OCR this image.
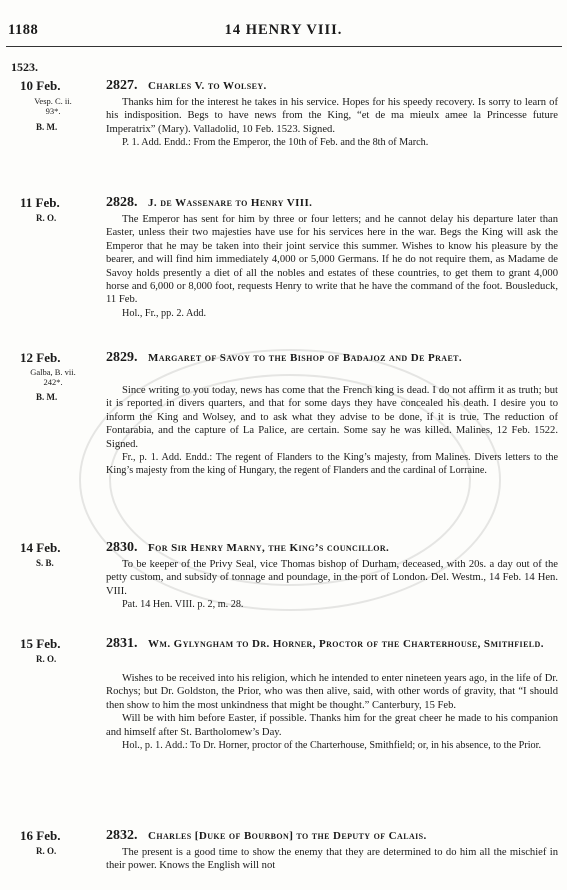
1188	14 HENRY VIII.
1523.
10 Feb.
Vesp. C. ii.
93*.
B. M.
2827. Charles V. to Wolsey.

Thanks him for the interest he takes in his service. Hopes for his speedy recovery. Is sorry to learn of his indisposition. Begs to have news from the King, “et de ma mieulx amee la Princesse future Imperatrix” (Mary). Valladolid, 10 Feb. 1523. Signed.

P. 1. Add. Endd.: From the Emperor, the 10th of Feb. and the 8th of March.

11 Feb.
R. O.
2828. J. de Wassenare to Henry VIII.

The Emperor has sent for him by three or four letters; and he cannot delay his departure later than Easter, unless their two majesties have use for his services here in the war. Begs the King will ask the Emperor that he may be taken into their joint service this summer. Wishes to know his pleasure by the bearer, and will find him immediately 4,000 or 5,000 Germans. If he do not require them, as Madame de Savoy holds presently a diet of all the nobles and estates of these countries, to get them to grant 4,000 horse and 6,000 or 8,000 foot, requests Henry to write that he have the command of the foot. Bousleduck, 11 Feb.

Hol., Fr., pp. 2. Add.

12 Feb.
Galba, B. vii.
242*.
B. M.
2829. Margaret of Savoy to the Bishop of Badajoz and De Praet.

Since writing to you today, news has come that the French king is dead. I do not affirm it as truth; but it is reported in divers quarters, and that for some days they have concealed his death. I desire you to inform the King and Wolsey, and to ask what they advise to be done, if it is true. The reduction of Fontarabia, and the capture of La Palice, are certain. Some say he was killed. Malines, 12 Feb. 1522. Signed.

Fr., p. 1. Add. Endd.: The regent of Flanders to the King’s majesty, from Malines. Divers letters to the King’s majesty from the king of Hungary, the regent of Flanders and the cardinal of Lorraine.

14 Feb.
S. B.
2830. For Sir Henry Marny, the King’s councillor.

To be keeper of the Privy Seal, vice Thomas bishop of Durham, deceased, with 20s. a day out of the petty custom, and subsidy of tonnage and poundage, in the port of London. Del. Westm., 14 Feb. 14 Hen. VIII.

Pat. 14 Hen. VIII. p. 2, m. 28.

15 Feb.
R. O.
2831. Wm. Gylyngham to Dr. Horner, Proctor of the Charterhouse, Smithfield.

Wishes to be received into his religion, which he intended to enter nineteen years ago, in the life of Dr. Rochys; but Dr. Goldston, the Prior, who was then alive, said, with other words of gravity, that “I should then show to him the most unkindness that might be thought.” Canterbury, 15 Feb.

Will be with him before Easter, if possible. Thanks him for the great cheer he made to his companion and himself after St. Bartholomew’s Day.

Hol., p. 1. Add.: To Dr. Horner, proctor of the Charterhouse, Smithfield; or, in his absence, to the Prior.

16 Feb.
R. O.
2832. Charles [Duke of Bourbon] to the Deputy of Calais.

The present is a good time to show the enemy that they are determined to do him all the mischief in their power. Knows the English will not
